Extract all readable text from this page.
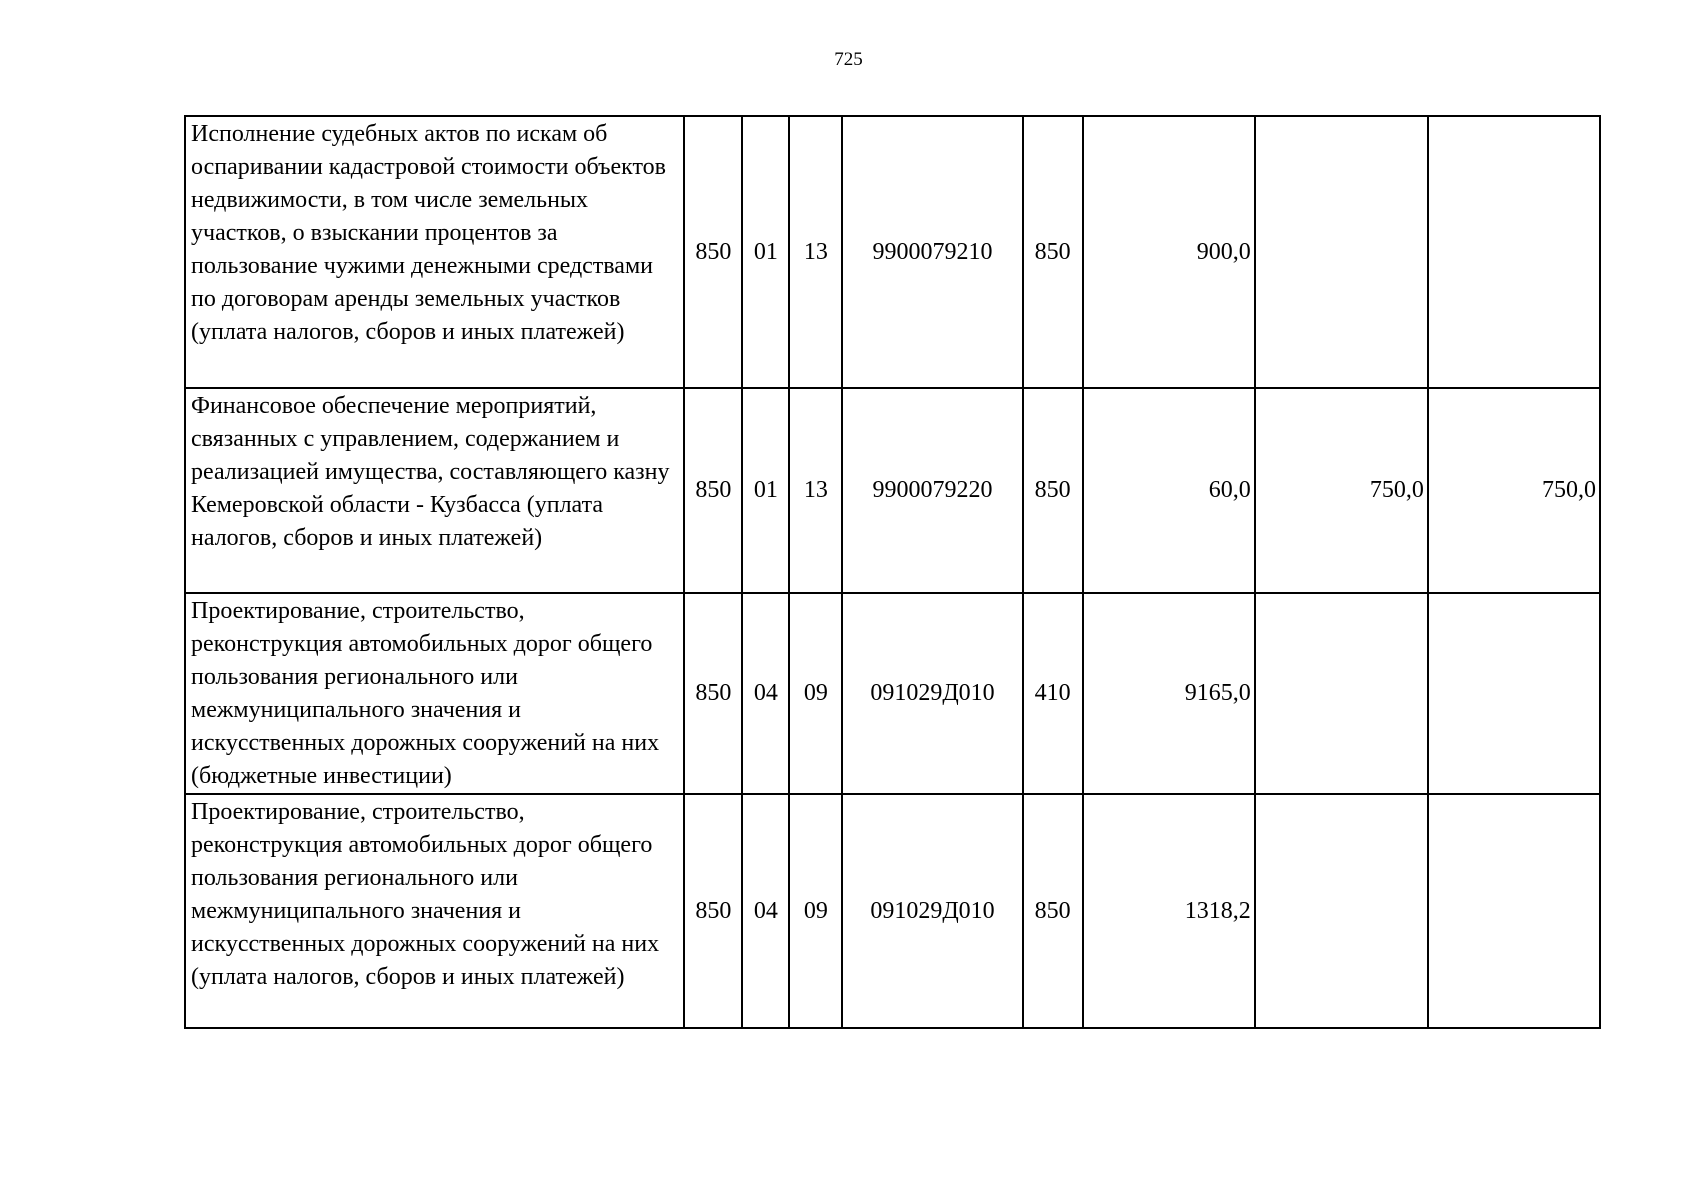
725
Исполнение судебных актов по искам об оспаривании кадастровой стоимости объектов недвижимости, в том числе земельных участков, о взыскании процентов за пользование чужими денежными средствами по договорам аренды земельных участков (уплата налогов, сборов и иных платежей)	850	01	13	9900079210	850	900,0		
Финансовое обеспечение мероприятий, связанных с управлением, содержанием и реализацией имущества, составляющего казну Кемеровской области - Кузбасса (уплата налогов, сборов и иных платежей)	850	01	13	9900079220	850	60,0	750,0	750,0
Проектирование, строительство, реконструкция автомобильных дорог общего пользования регионального или межмуниципального значения и искусственных дорожных сооружений на них (бюджетные инвестиции)	850	04	09	091029Д010	410	9165,0		
Проектирование, строительство, реконструкция автомобильных дорог общего пользования регионального или межмуниципального значения и искусственных дорожных сооружений на них (уплата налогов, сборов и иных платежей)	850	04	09	091029Д010	850	1318,2		
